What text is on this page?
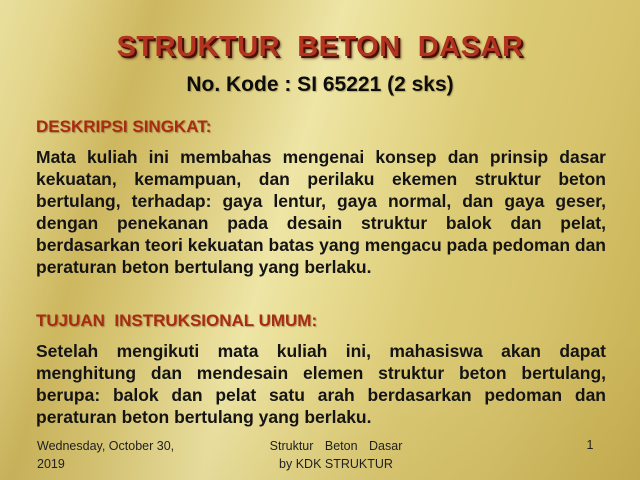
STRUKTUR  BETON  DASAR
No. Kode : SI 65221 (2 sks)
DESKRIPSI SINGKAT:
Mata kuliah ini membahas mengenai konsep dan prinsip dasar kekuatan, kemampuan, dan perilaku ekemen struktur beton bertulang, terhadap: gaya lentur, gaya normal, dan gaya geser, dengan penekanan pada desain struktur balok dan pelat, berdasarkan teori kekuatan batas yang mengacu pada pedoman dan peraturan beton bertulang yang berlaku.
TUJUAN  INSTRUKSIONAL UMUM:
Setelah mengikuti mata kuliah ini, mahasiswa akan dapat menghitung dan mendesain elemen struktur beton bertulang, berupa: balok dan pelat satu arah berdasarkan pedoman dan peraturan beton bertulang yang berlaku.
Wednesday, October 30, 2019
Struktur Beton Dasar
by KDK STRUKTUR
1
